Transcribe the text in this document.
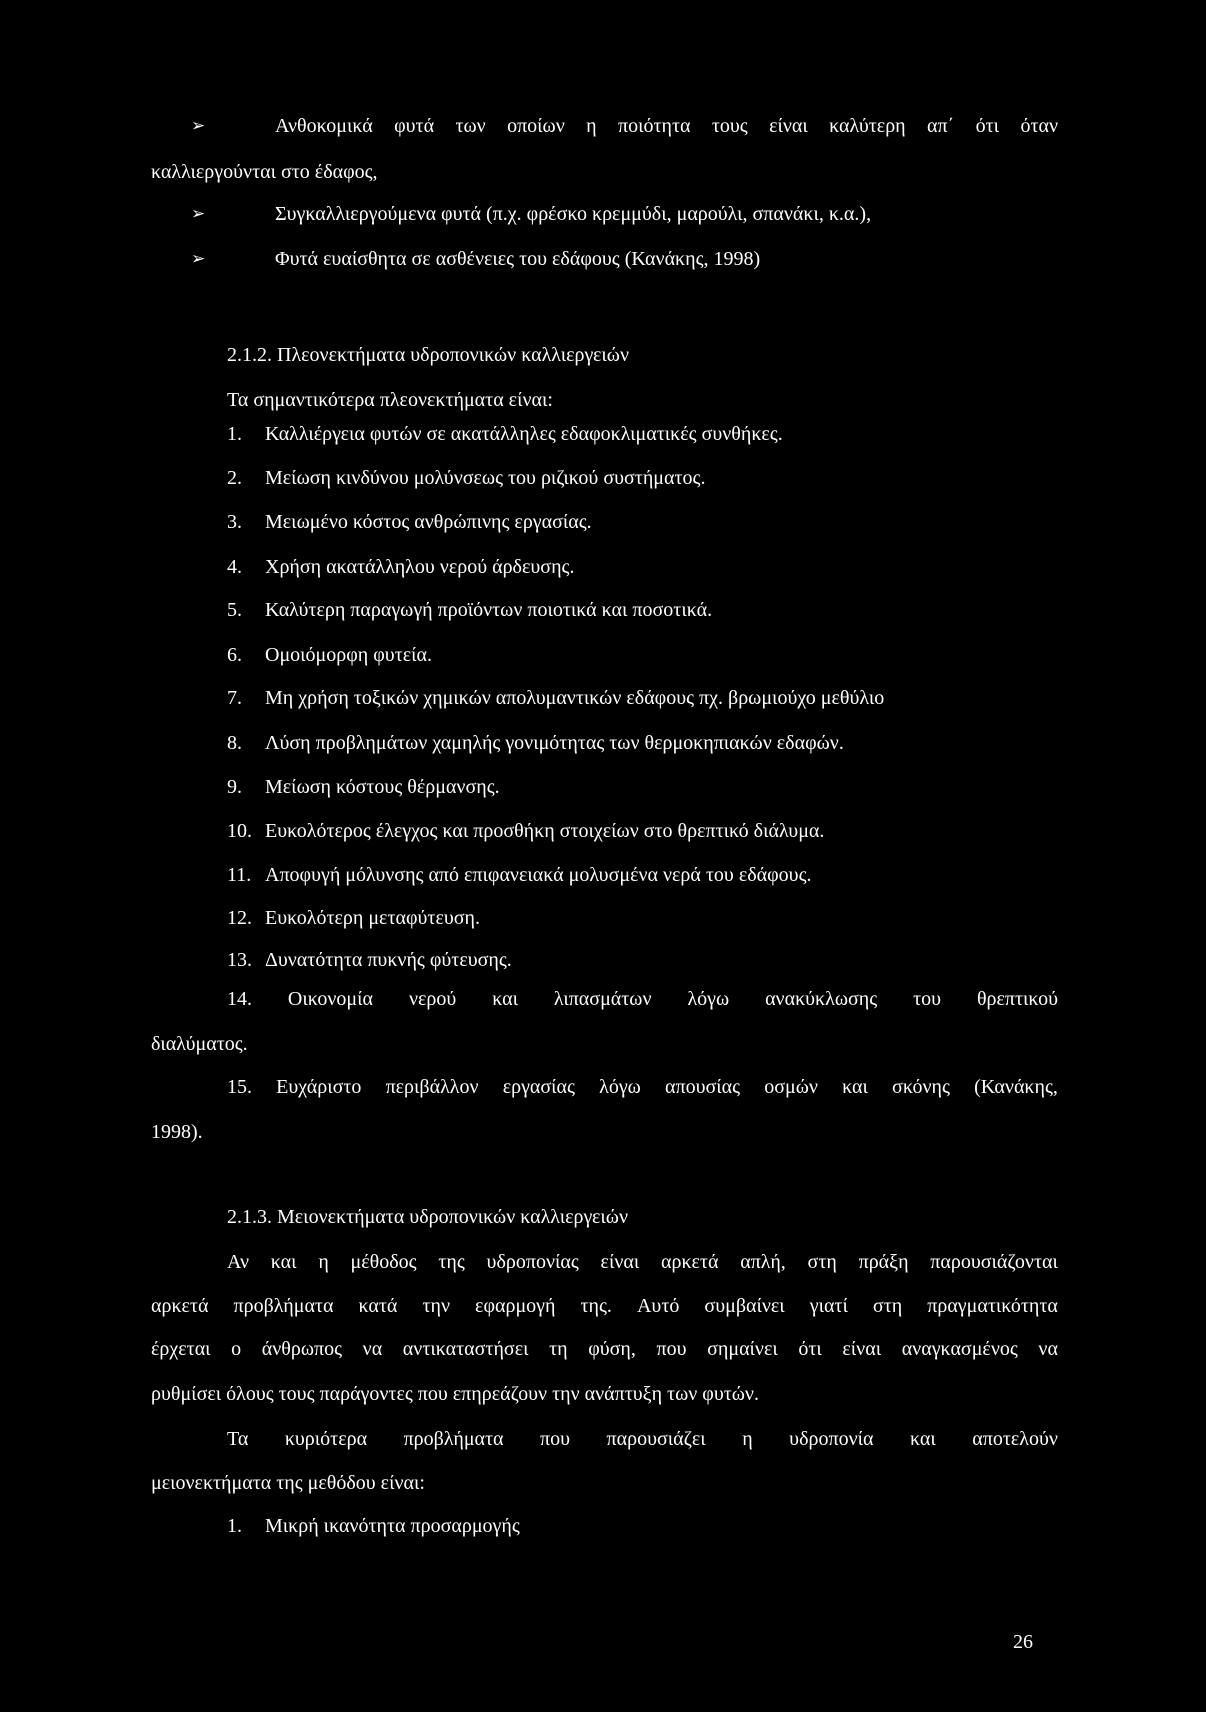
➢	Ανθοκομικά φυτά των οποίων η ποιότητα τους είναι καλύτερη απ΄ ότι όταν
καλλιεργούνται στο έδαφος,
➢	Συγκαλλιεργούμενα φυτά (π.χ. φρέσκο κρεμμύδι, μαρούλι, σπανάκι, κ.α.),
➢	Φυτά ευαίσθητα σε ασθένειες του εδάφους (Κανάκης, 1998)
2.1.2. Πλεονεκτήματα υδροπονικών καλλιεργειών
Τα σημαντικότερα πλεονεκτήματα είναι:
1. Καλλιέργεια φυτών σε ακατάλληλες εδαφοκλιματικές συνθήκες.
2. Μείωση κινδύνου μολύνσεως του ριζικού συστήματος.
3. Μειωμένο κόστος ανθρώπινης εργασίας.
4. Χρήση ακατάλληλου νερού άρδευσης.
5. Καλύτερη παραγωγή προϊόντων ποιοτικά και ποσοτικά.
6. Ομοιόμορφη φυτεία.
7. Μη χρήση τοξικών χημικών απολυμαντικών εδάφους πχ. βρωμιούχο μεθύλιο
8. Λύση προβλημάτων χαμηλής γονιμότητας των θερμοκηπιακών εδαφών.
9. Μείωση κόστους θέρμανσης.
10. Ευκολότερος έλεγχος και προσθήκη στοιχείων στο θρεπτικό διάλυμα.
11. Αποφυγή μόλυνσης από επιφανειακά μολυσμένα νερά του εδάφους.
12. Ευκολότερη μεταφύτευση.
13. Δυνατότητα πυκνής φύτευσης.
14. Οικονομία νερού και λιπασμάτων λόγω ανακύκλωσης του θρεπτικού
διαλύματος.
15. Ευχάριστο περιβάλλον εργασίας λόγω απουσίας οσμών και σκόνης (Κανάκης,
1998).
2.1.3. Μειονεκτήματα υδροπονικών καλλιεργειών
Αν και η μέθοδος της υδροπονίας είναι αρκετά απλή, στη πράξη παρουσιάζονται
αρκετά προβλήματα κατά την εφαρμογή της. Αυτό συμβαίνει γιατί στη πραγματικότητα
έρχεται ο άνθρωπος να αντικαταστήσει τη φύση, που σημαίνει ότι είναι αναγκασμένος να
ρυθμίσει όλους τους παράγοντες που επηρεάζουν την ανάπτυξη των φυτών.
Τα κυριότερα προβλήματα που παρουσιάζει η υδροπονία και αποτελούν
μειονεκτήματα της μεθόδου είναι:
1. Μικρή ικανότητα προσαρμογής
26
